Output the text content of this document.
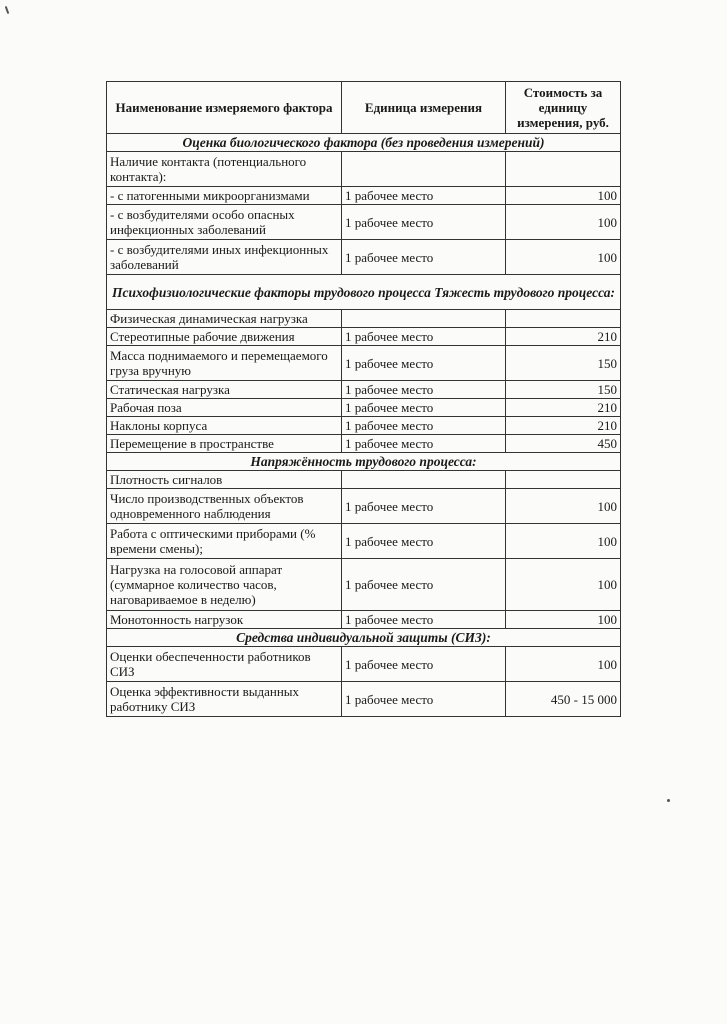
Наименование измеряемого фактора	Единица измерения	Стоимость за единицу измерения, руб.
Оценка биологического фактора (без проведения измерений)		
Наличие контакта (потенциального контакта):		
- с патогенными микроорганизмами	1 рабочее место	100
- с возбудителями особо опасных инфекционных заболеваний	1 рабочее место	100
- с возбудителями иных инфекционных заболеваний	1 рабочее место	100
Психофизиологические факторы трудового процесса Тяжесть трудового процесса:		
Физическая динамическая нагрузка		
Стереотипные рабочие движения	1 рабочее место	210
Масса поднимаемого и перемещаемого груза вручную	1 рабочее место	150
Статическая нагрузка	1 рабочее место	150
Рабочая поза	1 рабочее место	210
Наклоны корпуса	1 рабочее место	210
Перемещение в пространстве	1 рабочее место	450
Напряжённость трудового процесса:		
Плотность сигналов		
Число производственных объектов одновременного наблюдения	1 рабочее место	100
Работа с оптическими приборами (% времени смены);	1 рабочее место	100
Нагрузка на голосовой аппарат (суммарное количество часов, наговариваемое в неделю)	1 рабочее место	100
Монотонность нагрузок	1 рабочее место	100
Средства индивидуальной защиты (СИЗ):		
Оценки обеспеченности работников СИЗ	1 рабочее место	100
Оценка эффективности выданных работнику СИЗ	1 рабочее место	450 - 15 000
